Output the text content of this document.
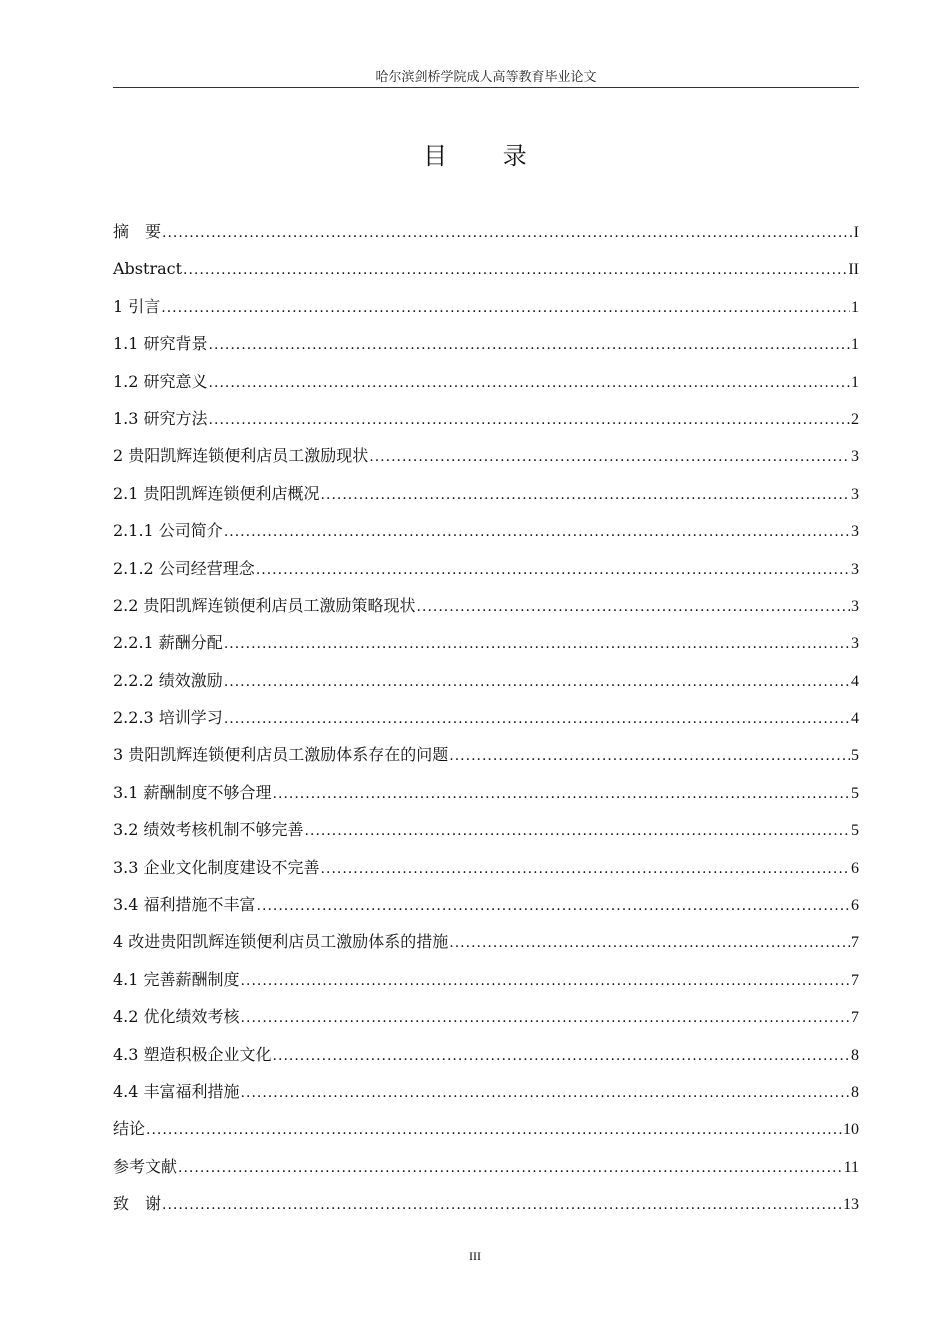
哈尔滨剑桥学院成人高等教育毕业论文
目 录
摘　要 .....	I
Abstract .....	II
1 引言 .....	1
1.1 研究背景 .....	1
1.2 研究意义 .....	1
1.3 研究方法 .....	2
2 贵阳凯辉连锁便利店员工激励现状 .....	3
2.1 贵阳凯辉连锁便利店概况 .....	3
2.1.1 公司简介 .....	3
2.1.2 公司经营理念 .....	3
2.2 贵阳凯辉连锁便利店员工激励策略现状 .....	3
2.2.1 薪酬分配 .....	3
2.2.2 绩效激励 .....	4
2.2.3 培训学习 .....	4
3 贵阳凯辉连锁便利店员工激励体系存在的问题 .....	5
3.1 薪酬制度不够合理 .....	5
3.2 绩效考核机制不够完善 .....	5
3.3 企业文化制度建设不完善 .....	6
3.4 福利措施不丰富 .....	6
4 改进贵阳凯辉连锁便利店员工激励体系的措施 .....	7
4.1 完善薪酬制度 .....	7
4.2 优化绩效考核 .....	7
4.3 塑造积极企业文化 .....	8
4.4 丰富福利措施 .....	8
结论 .....	10
参考文献 .....	11
致　谢 .....	13
III
